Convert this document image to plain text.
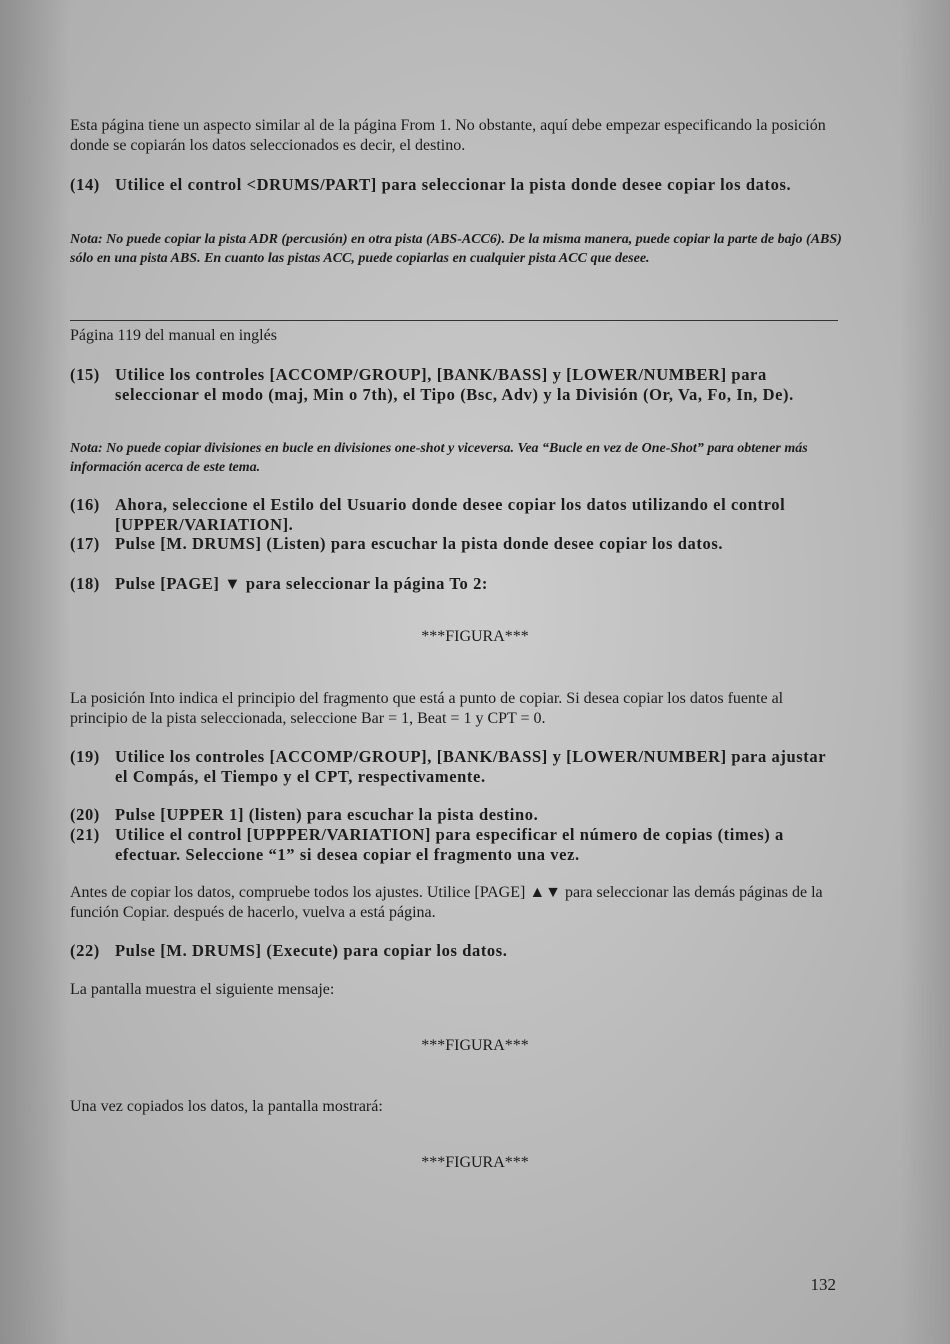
Esta página tiene un aspecto similar al de la página From 1. No obstante, aquí debe empezar especificando la posición donde se copiarán los datos seleccionados es decir, el destino.

(14) Utilice el control <DRUMS/PART] para seleccionar la pista donde desee copiar los datos.

Nota: No puede copiar la pista ADR (percusión) en otra pista (ABS-ACC6). De la misma manera, puede copiar la parte de bajo (ABS) sólo en una pista ABS. En cuanto las pistas ACC, puede copiarlas en cualquier pista ACC que desee.

Página 119 del manual en inglés

(15) Utilice los controles [ACCOMP/GROUP], [BANK/BASS] y [LOWER/NUMBER] para seleccionar el modo (maj, Min o 7th), el Tipo (Bsc, Adv) y la División (Or, Va, Fo, In, De).

Nota: No puede copiar divisiones en bucle en divisiones one-shot y viceversa. Vea “Bucle en vez de One-Shot” para obtener más información acerca de este tema.

(16) Ahora, seleccione el Estilo del Usuario donde desee copiar los datos utilizando el control [UPPER/VARIATION].
(17) Pulse [M. DRUMS] (Listen) para escuchar la pista donde desee copiar los datos.
(18) Pulse [PAGE] ▼ para seleccionar la página To 2:

***FIGURA***

La posición Into indica el principio del fragmento que está a punto de copiar. Si desea copiar los datos fuente al principio de la pista seleccionada, seleccione Bar = 1, Beat = 1 y CPT = 0.

(19) Utilice los controles [ACCOMP/GROUP], [BANK/BASS] y [LOWER/NUMBER] para ajustar el Compás, el Tiempo y el CPT, respectivamente.
(20) Pulse [UPPER 1] (listen) para escuchar la pista destino.
(21) Utilice el control [UPPPER/VARIATION] para especificar el número de copias (times) a efectuar. Seleccione “1” si desea copiar el fragmento una vez.

Antes de copiar los datos, compruebe todos los ajustes. Utilice [PAGE] ▲▼ para seleccionar las demás páginas de la función Copiar. después de hacerlo, vuelva a está página.

(22) Pulse [M. DRUMS] (Execute) para copiar los datos.

La pantalla muestra el siguiente mensaje:

***FIGURA***

Una vez copiados los datos, la pantalla mostrará:

***FIGURA***

132
